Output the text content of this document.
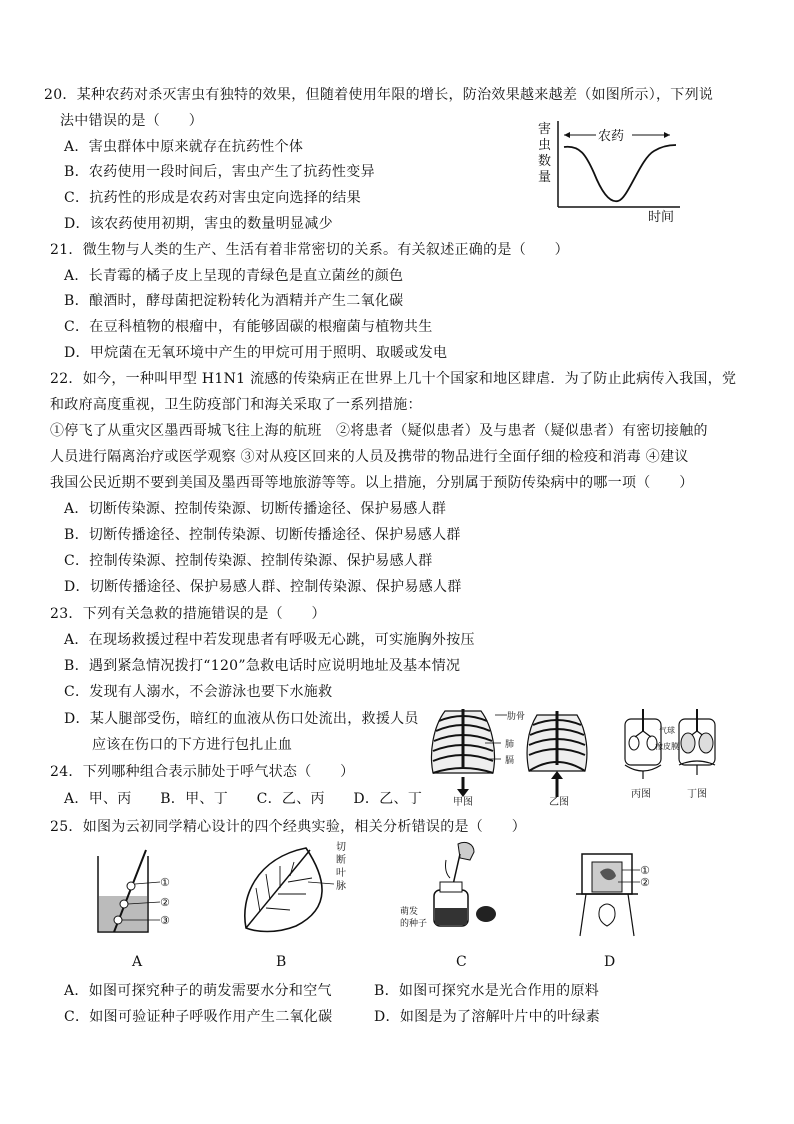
20．某种农药对杀灭害虫有独特的效果，但随着使用年限的增长，防治效果越来越差（如图所示），下列说
法中错误的是（　　）
A．害虫群体中原来就存在抗药性个体
B．农药使用一段时间后，害虫产生了抗药性变异
C．抗药性的形成是农药对害虫定向选择的结果
D．该农药使用初期，害虫的数量明显减少
害
虫
数
量
农药
时间
21．微生物与人类的生产、生活有着非常密切的关系。有关叙述正确的是（　　）
A．长青霉的橘子皮上呈现的青绿色是直立菌丝的颜色
B．酿酒时，酵母菌把淀粉转化为酒精并产生二氧化碳
C．在豆科植物的根瘤中，有能够固碳的根瘤菌与植物共生
D．甲烷菌在无氧环境中产生的甲烷可用于照明、取暖或发电
22．如今，一种叫甲型 H1N1 流感的传染病正在世界上几十个国家和地区肆虐．为了防止此病传入我国，党
和政府高度重视，卫生防疫部门和海关采取了一系列措施：
①停飞了从重灾区墨西哥城飞往上海的航班　②将患者（疑似患者）及与患者（疑似患者）有密切接触的
人员进行隔离治疗或医学观察 ③对从疫区回来的人员及携带的物品进行全面仔细的检疫和消毒 ④建议
我国公民近期不要到美国及墨西哥等地旅游等等。以上措施，分别属于预防传染病中的哪一项（　　）
A．切断传染源、控制传染源、切断传播途径、保护易感人群
B．切断传播途径、控制传染源、切断传播途径、保护易感人群
C．控制传染源、控制传染源、控制传染源、保护易感人群
D．切断传播途径、保护易感人群、控制传染源、保护易感人群
23．下列有关急救的措施错误的是（　　）
A．在现场救援过程中若发现患者有呼吸无心跳，可实施胸外按压
B．遇到紧急情况拨打“120”急救电话时应说明地址及基本情况
C．发现有人溺水，不会游泳也要下水施救
D．某人腿部受伤，暗红的血液从伤口处流出，救援人员
应该在伤口的下方进行包扎止血
24．下列哪种组合表示肺处于呼气状态（　　）
A．甲、丙　　B．甲、丁　　C．乙、丙　　D．乙、丁
肋骨
肺
膈
气球
橡皮膜
甲图	乙图
丙图	丁图
25．如图为云初同学精心设计的四个经典实验，相关分析错误的是（　　）
①
②
③
切
断
叶
脉
萌发
的种子
①
②
A	B	C	D
A．如图可探究种子的萌发需要水分和空气	B．如图可探究水是光合作用的原料
C．如图可验证种子呼吸作用产生二氧化碳	D．如图是为了溶解叶片中的叶绿素
